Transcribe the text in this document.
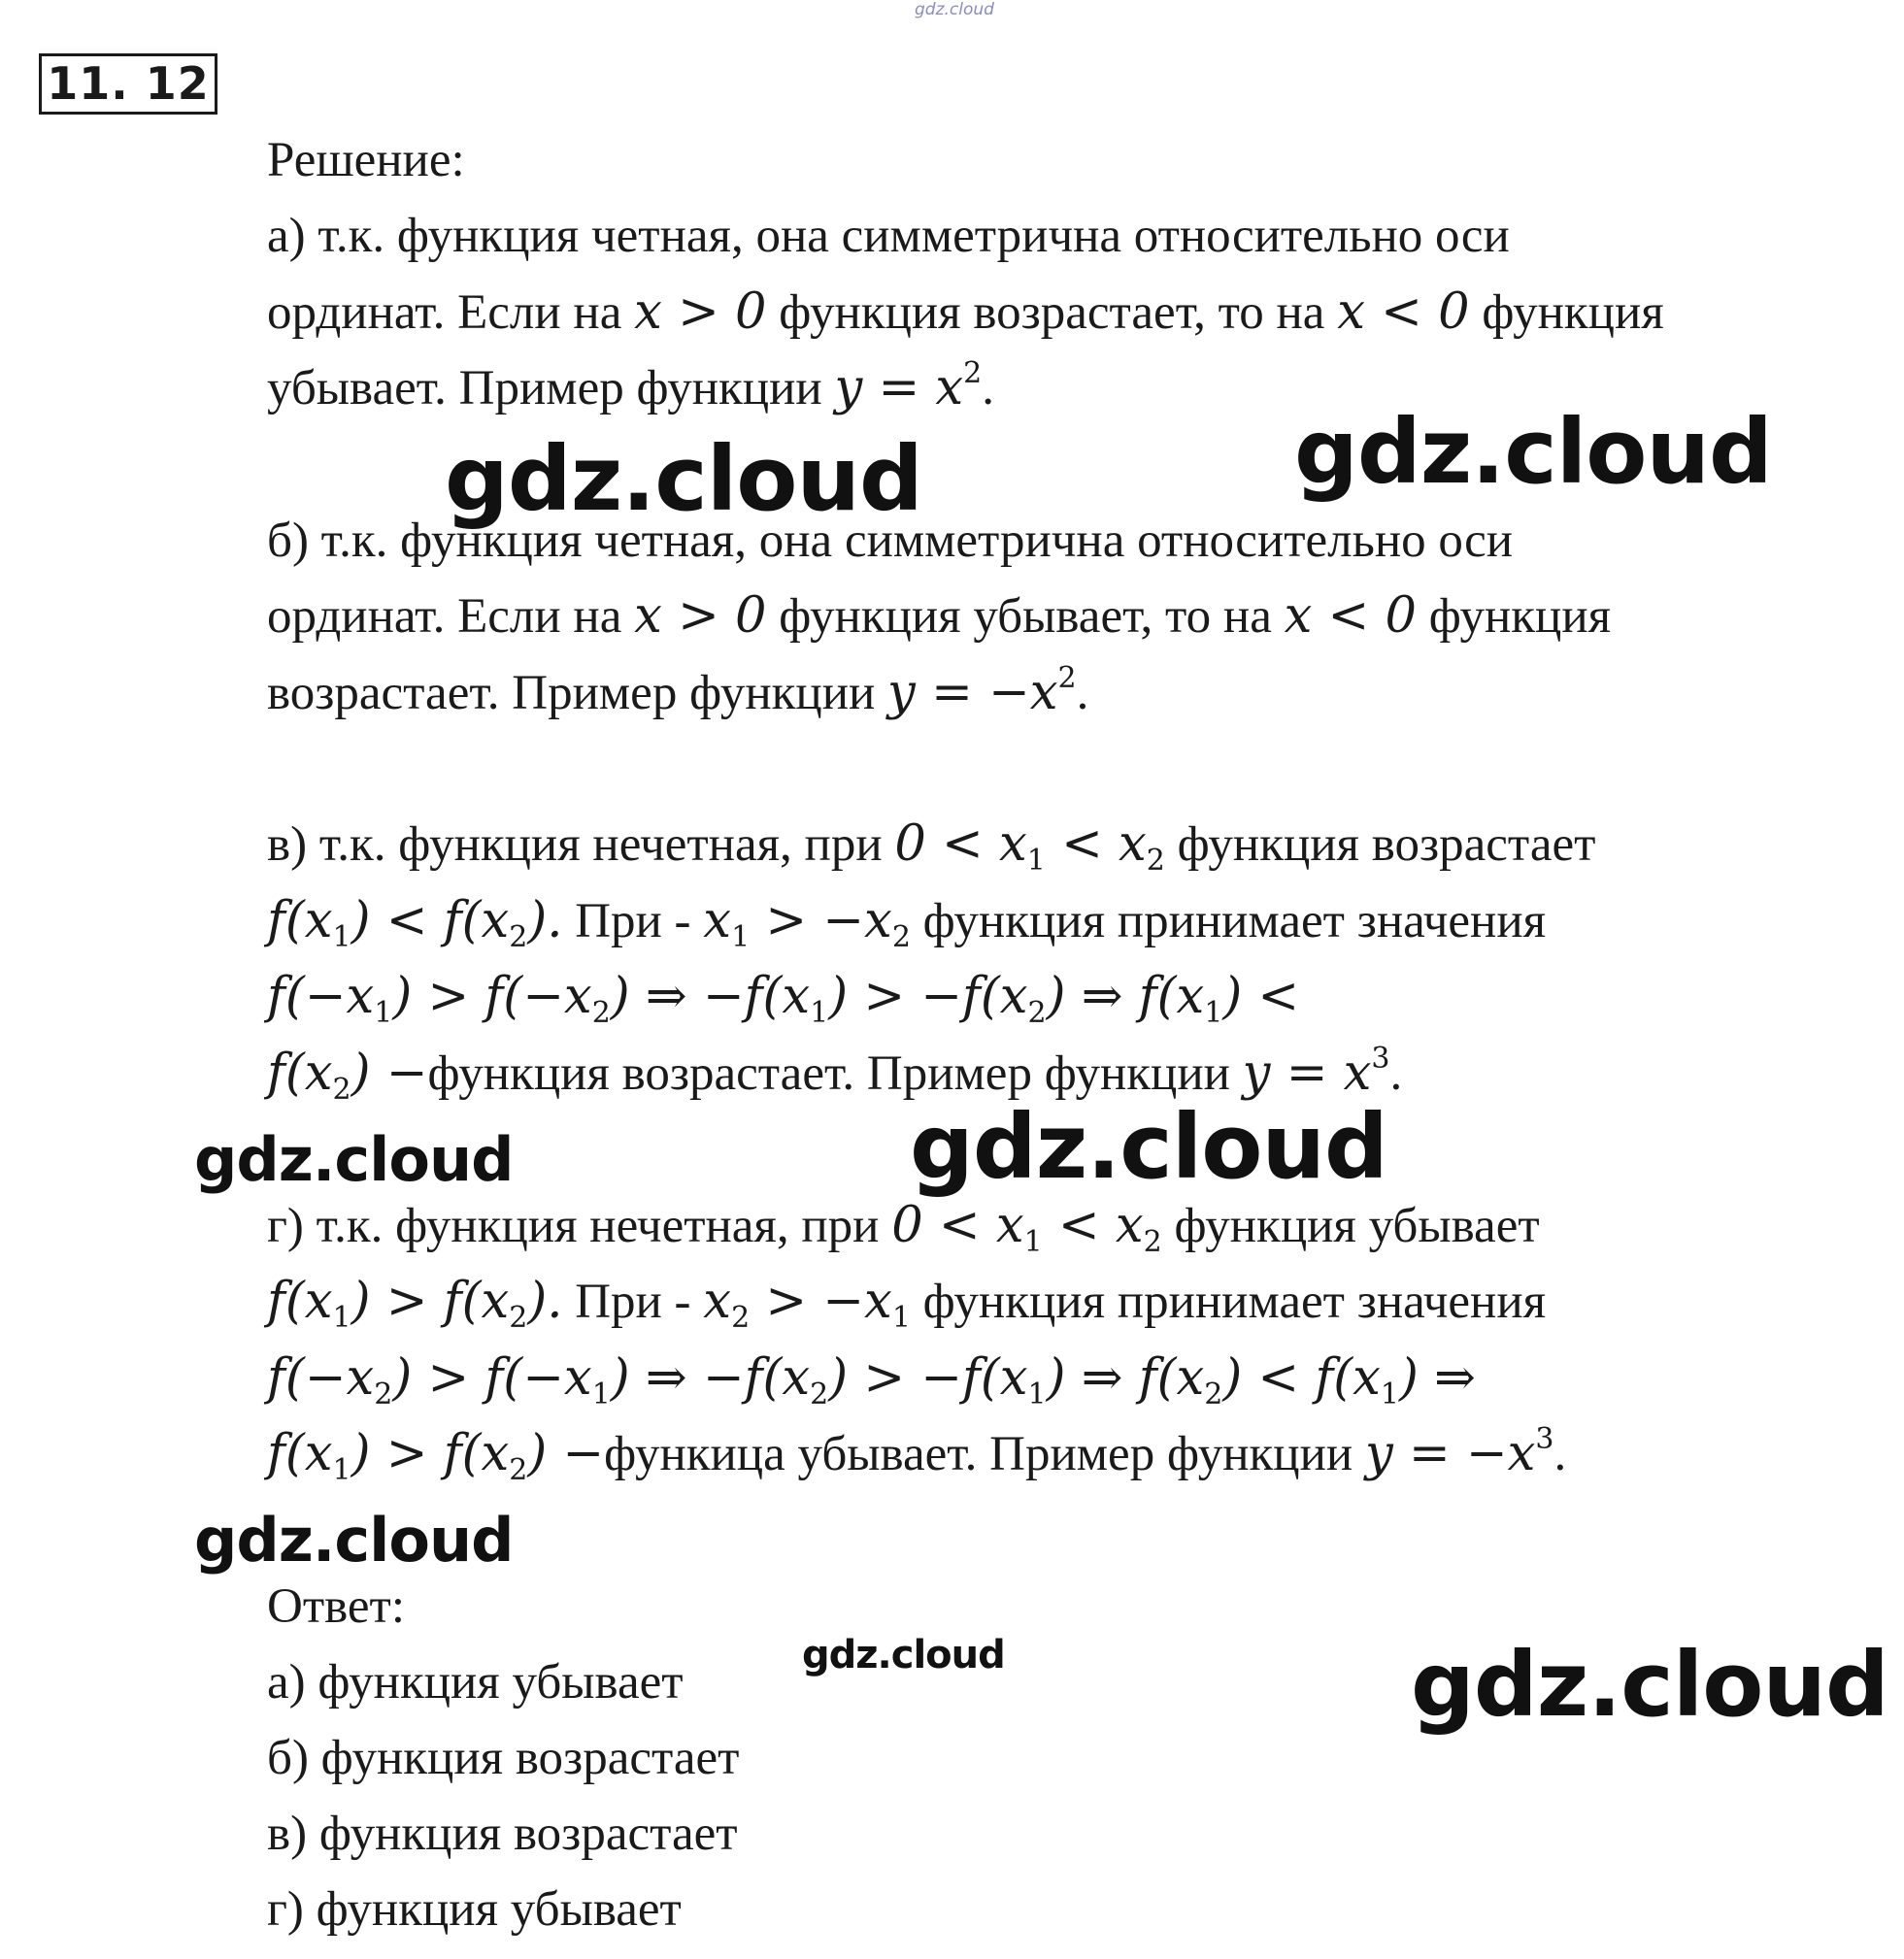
gdz.cloud
gdz.cloud	gdz.cloud
gdz.cloud	gdz.cloud
gdz.cloud
gdz.cloud	gdz.cloud
11. 12
Решение:
а) т.к. функция четная, она симметрична относительно оси
ординат. Если на x > 0 функция возрастает, то на x < 0 функция
убывает. Пример функции $y = x^2$.
б) т.к. функция четная, она симметрична относительно оси
ординат. Если на x > 0 функция убывает, то на x < 0 функция
возрастает. Пример функции $y = -x^2$.
в) т.к. функция нечетная, при $0 < x_1 < x_2$ функция возрастает
$f(x_1) < f(x_2)$. При - $x_1 > -x_2$ функция принимает значения
$f(-x_1) > f(-x_2)$ ⇒ $-f(x_1) > -f(x_2)$ ⇒ $f(x_1)$ <
$f(x_2)$ −функция возрастает. Пример функции $y = x^3$.
г) т.к. функция нечетная, при $0 < x_1 < x_2$ функция убывает
$f(x_1) > f(x_2)$. При - $x_2 > -x_1$ функция принимает значения
$f(-x_2) > f(-x_1)$ ⇒ $-f(x_2) > -f(x_1)$ ⇒ $f(x_2) < f(x_1)$ ⇒
$f(x_1) > f(x_2)$ −функица убывает. Пример функции $y = -x^3$.
Ответ:
а) функция убывает
б) функция возрастает
в) функция возрастает
г) функция убывает
